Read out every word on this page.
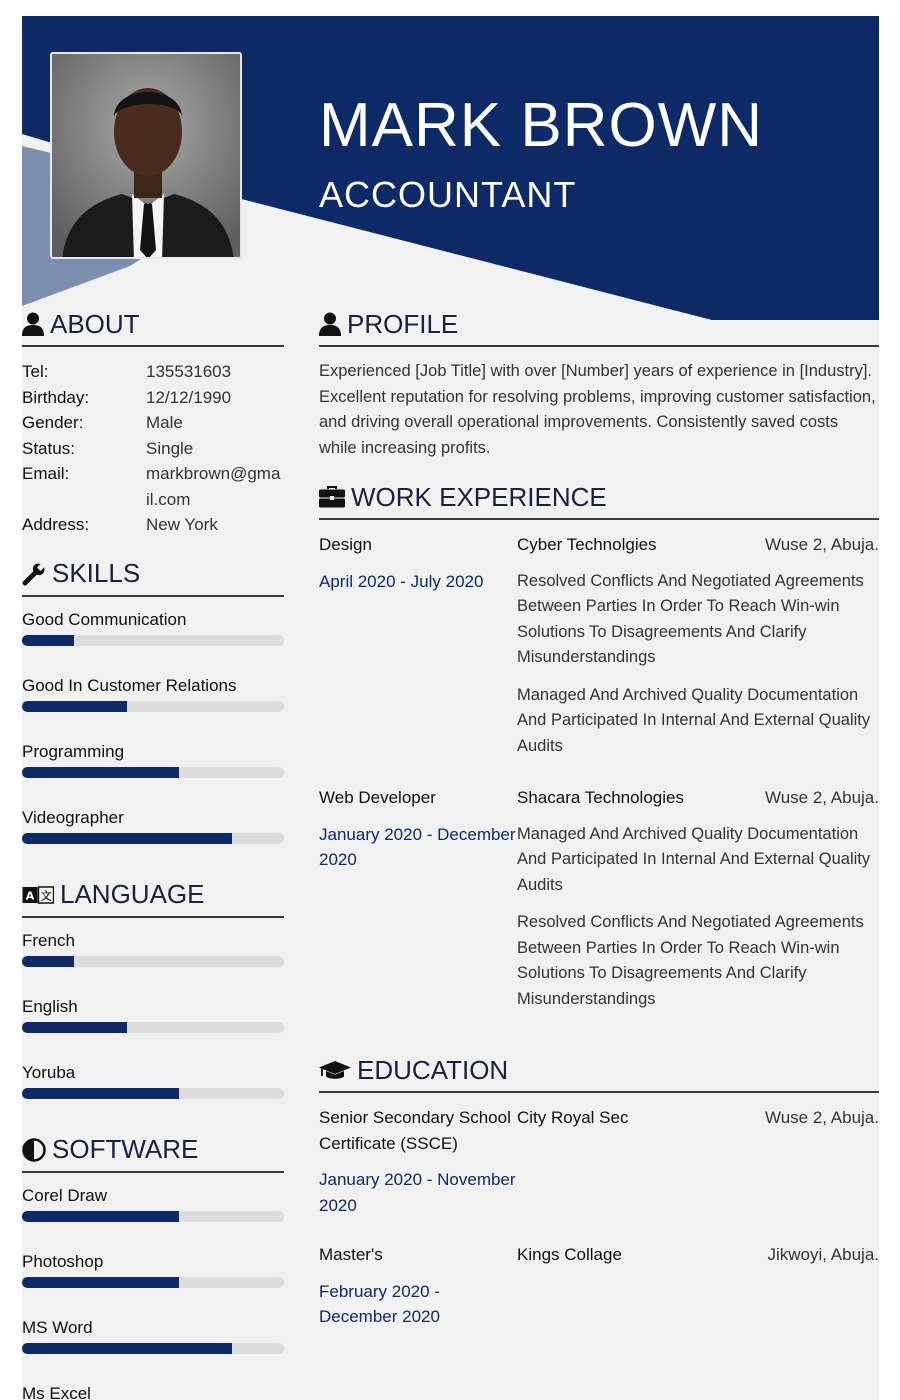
MARK BROWN
ACCOUNTANT
ABOUT
Tel:	135531603
Birthday:	12/12/1990
Gender:	Male
Status:	Single
Email:	markbrown@gmail.com
Address:	New York
SKILLS
Good Communication
Good In Customer Relations
Programming
Videographer
A 文 LANGUAGE
French
English
Yoruba
SOFTWARE
Corel Draw
Photoshop
MS Word
Ms Excel
PROFILE

Experienced [Job Title] with over [Number] years of experience in [Industry]. Excellent reputation for resolving problems, improving customer satisfaction, and driving overall operational improvements. Consistently saved costs while increasing profits.

WORK EXPERIENCE
Design
April 2020 - July 2020
Cyber Technolgies	Wuse 2, Abuja.
Resolved Conflicts And Negotiated Agreements Between Parties In Order To Reach Win-win Solutions To Disagreements And Clarify Misunderstandings
Managed And Archived Quality Documentation And Participated In Internal And External Quality Audits
Web Developer
January 2020 - December 2020
Shacara Technologies	Wuse 2, Abuja.
Managed And Archived Quality Documentation And Participated In Internal And External Quality Audits
Resolved Conflicts And Negotiated Agreements Between Parties In Order To Reach Win-win Solutions To Disagreements And Clarify Misunderstandings
EDUCATION
Senior Secondary School Certificate (SSCE)
January 2020 - November 2020
City Royal Sec	Wuse 2, Abuja.
Master's
February 2020 - December 2020
Kings Collage	Jikwoyi, Abuja.
